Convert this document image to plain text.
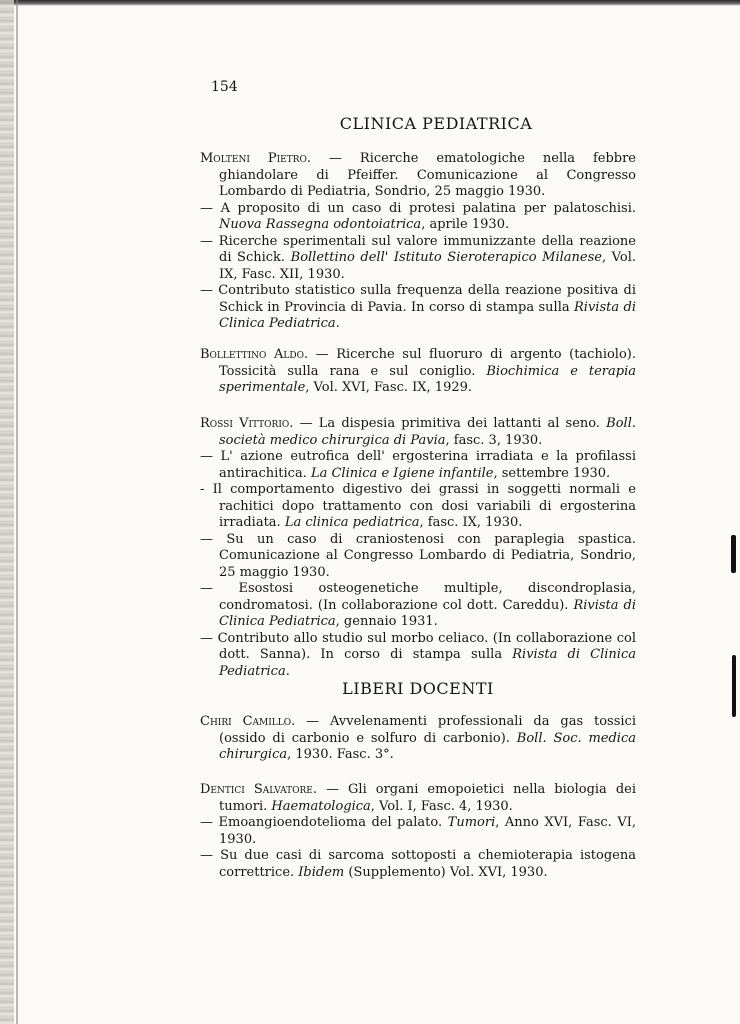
154
CLINICA PEDIATRICA

Molteni Pietro. — Ricerche ematologiche nella febbre ghiandolare di Pfeiffer. Comunicazione al Congresso Lombardo di Pediatria, Sondrio, 25 maggio 1930.

— A proposito di un caso di protesi palatina per palatoschisi. Nuova Rassegna odontoiatrica, aprile 1930.

— Ricerche sperimentali sul valore immunizzante della reazione di Schick. Bollettino dell' Istituto Sieroterapico Milanese, Vol. IX, Fasc. XII, 1930.

— Contributo statistico sulla frequenza della reazione positiva di Schick in Provincia di Pavia. In corso di stampa sulla Rivista di Clinica Pediatrica.

Bollettino Aldo. — Ricerche sul fluoruro di argento (tachiolo). Tossicità sulla rana e sul coniglio. Biochimica e terapia sperimentale, Vol. XVI, Fasc. IX, 1929.

Rossi Vittorio. — La dispesia primitiva dei lattanti al seno. Boll. società medico chirurgica di Pavia, fasc. 3, 1930.

— L' azione eutrofica dell' ergosterina irradiata e la profilassi antirachitica. La Clinica e Igiene infantile, settembre 1930.

- Il comportamento digestivo dei grassi in soggetti normali e rachitici dopo trattamento con dosi variabili di ergosterina irradiata. La clinica pediatrica, fasc. IX, 1930.

— Su un caso di craniostenosi con paraplegia spastica. Comunicazione al Congresso Lombardo di Pediatria, Sondrio, 25 maggio 1930.

— Esostosi osteogenetiche multiple, discondroplasia, condromatosi. (In collaborazione col dott. Careddu). Rivista di Clinica Pediatrica, gennaio 1931.

— Contributo allo studio sul morbo celiaco. (In collaborazione col dott. Sanna). In corso di stampa sulla Rivista di Clinica Pediatrica.

LIBERI DOCENTI

Chiri Camillo. — Avvelenamenti professionali da gas tossici (ossido di carbonio e solfuro di carbonio). Boll. Soc. medica chirurgica, 1930. Fasc. 3°.

Dentici Salvatore. — Gli organi emopoietici nella biologia dei tumori. Haematologica, Vol. I, Fasc. 4, 1930.

— Emoangioendotelioma del palato. Tumori, Anno XVI, Fasc. VI, 1930.

— Su due casi di sarcoma sottoposti a chemioterapia istogena correttrice. Ibidem (Supplemento) Vol. XVI, 1930.
